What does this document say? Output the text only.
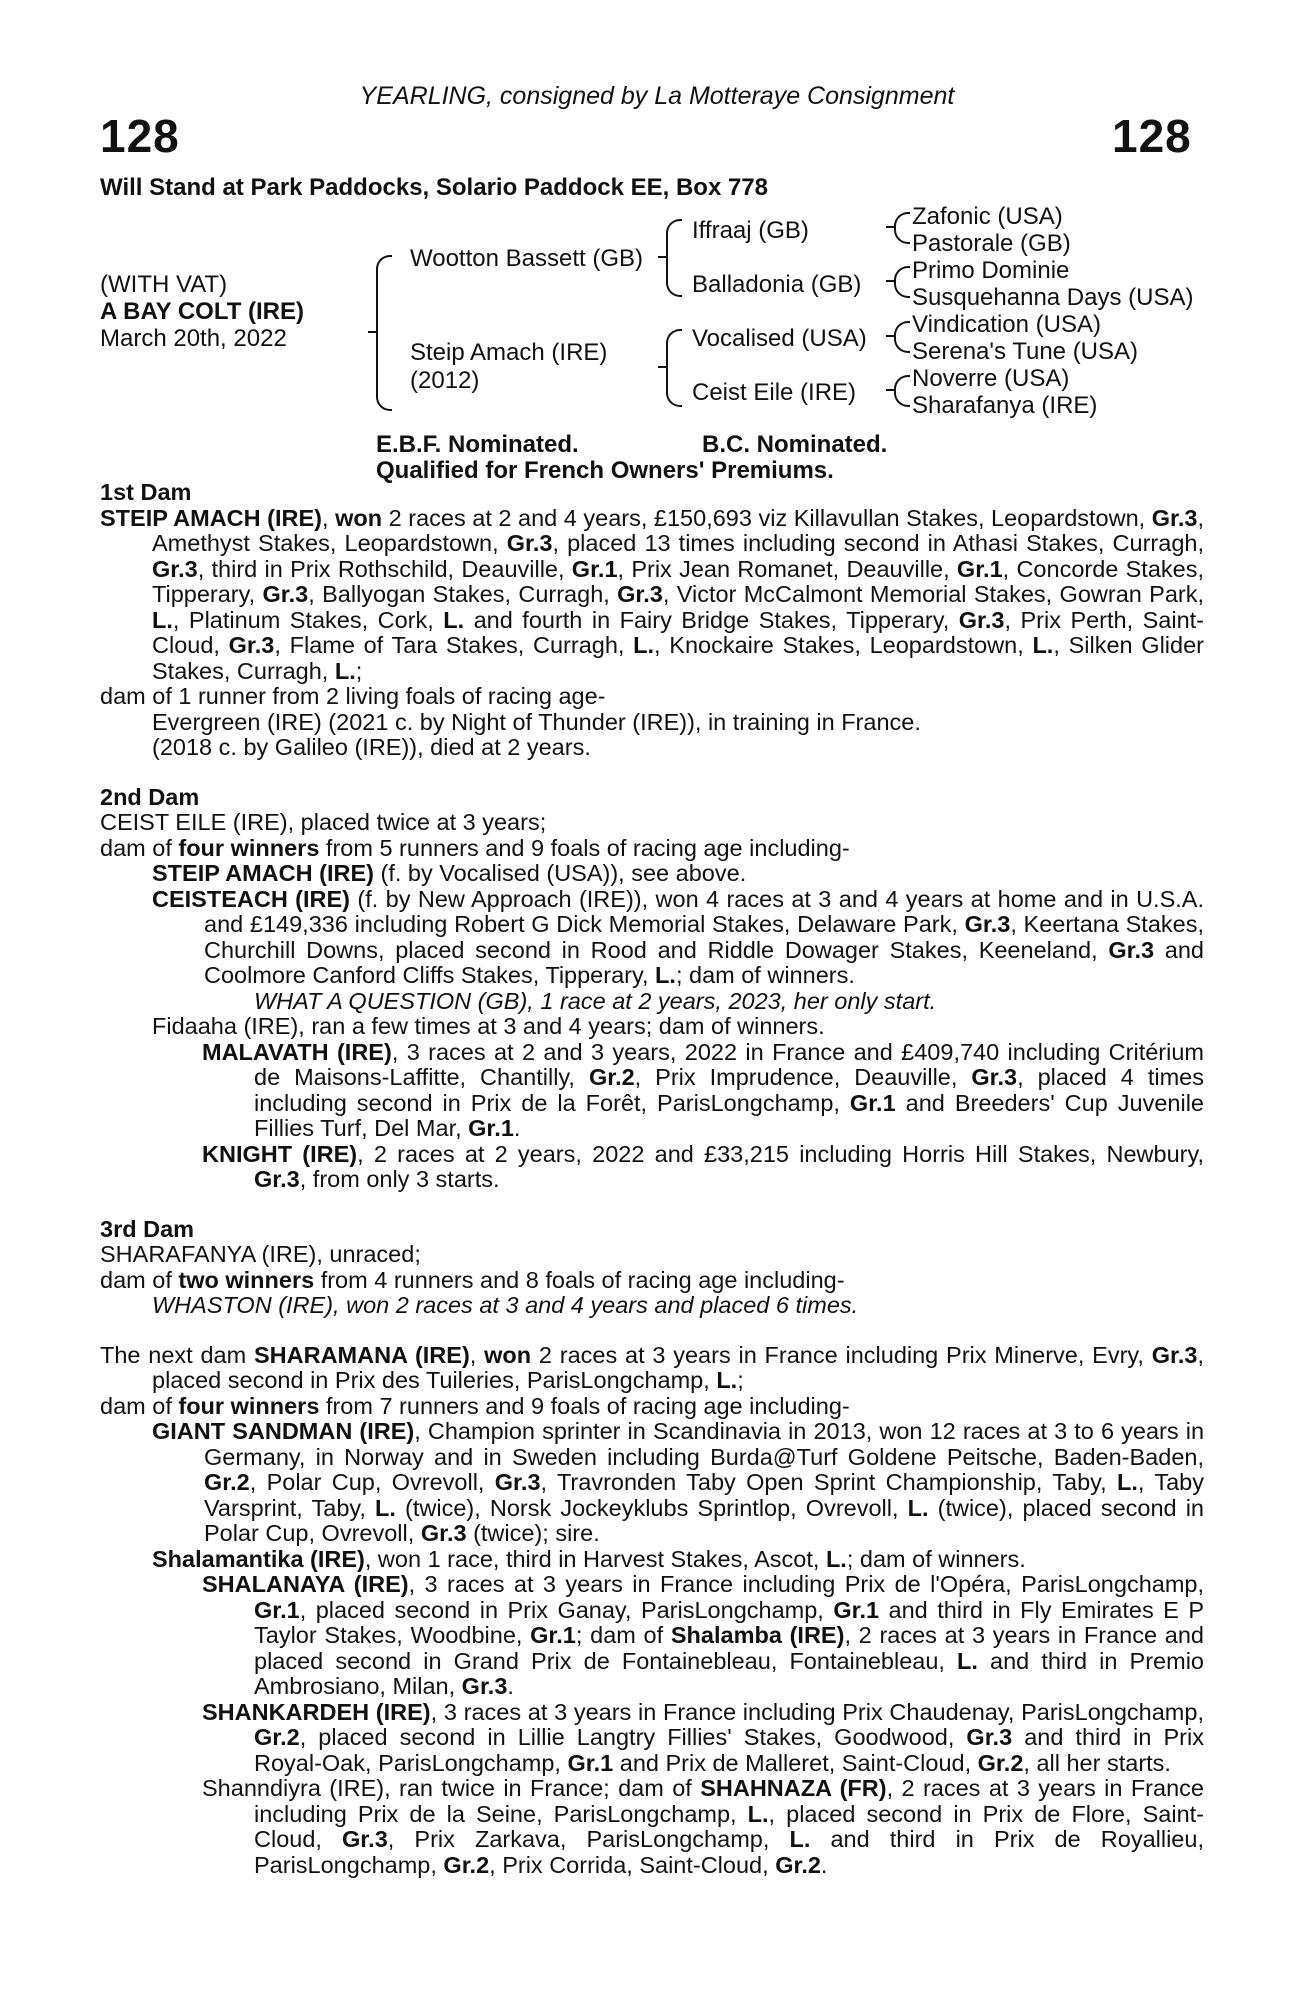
YEARLING, consigned by La Motteraye Consignment
128	128
Will Stand at Park Paddocks, Solario Paddock EE, Box 778
(WITH VAT)
A BAY COLT (IRE)
March 20th, 2022
Wootton Bassett (GB)
Steip Amach (IRE)
(2012)
Iffraaj (GB)
Balladonia (GB)
Vocalised (USA)
Ceist Eile (IRE)
Zafonic (USA)
Pastorale (GB)
Primo Dominie
Susquehanna Days (USA)
Vindication (USA)
Serena's Tune (USA)
Noverre (USA)
Sharafanya (IRE)
E.B.F. Nominated.	B.C. Nominated.
Qualified for French Owners' Premiums.
1st Dam

STEIP AMACH (IRE), won 2 races at 2 and 4 years, £150,693 viz Killavullan Stakes, Leopardstown, Gr.3, Amethyst Stakes, Leopardstown, Gr.3, placed 13 times including second in Athasi Stakes, Curragh, Gr.3, third in Prix Rothschild, Deauville, Gr.1, Prix Jean Romanet, Deauville, Gr.1, Concorde Stakes, Tipperary, Gr.3, Ballyogan Stakes, Curragh, Gr.3, Victor McCalmont Memorial Stakes, Gowran Park, L., Platinum Stakes, Cork, L. and fourth in Fairy Bridge Stakes, Tipperary, Gr.3, Prix Perth, Saint-Cloud, Gr.3, Flame of Tara Stakes, Curragh, L., Knockaire Stakes, Leopardstown, L., Silken Glider Stakes, Curragh, L.;

dam of 1 runner from 2 living foals of racing age-

Evergreen (IRE) (2021 c. by Night of Thunder (IRE)), in training in France.

(2018 c. by Galileo (IRE)), died at 2 years.

2nd Dam

CEIST EILE (IRE), placed twice at 3 years;

dam of four winners from 5 runners and 9 foals of racing age including-

STEIP AMACH (IRE) (f. by Vocalised (USA)), see above.

CEISTEACH (IRE) (f. by New Approach (IRE)), won 4 races at 3 and 4 years at home and in U.S.A. and £149,336 including Robert G Dick Memorial Stakes, Delaware Park, Gr.3, Keertana Stakes, Churchill Downs, placed second in Rood and Riddle Dowager Stakes, Keeneland, Gr.3 and Coolmore Canford Cliffs Stakes, Tipperary, L.; dam of winners.

WHAT A QUESTION (GB), 1 race at 2 years, 2023, her only start.

Fidaaha (IRE), ran a few times at 3 and 4 years; dam of winners.

MALAVATH (IRE), 3 races at 2 and 3 years, 2022 in France and £409,740 including Critérium de Maisons-Laffitte, Chantilly, Gr.2, Prix Imprudence, Deauville, Gr.3, placed 4 times including second in Prix de la Forêt, ParisLongchamp, Gr.1 and Breeders' Cup Juvenile Fillies Turf, Del Mar, Gr.1.

KNIGHT (IRE), 2 races at 2 years, 2022 and £33,215 including Horris Hill Stakes, Newbury, Gr.3, from only 3 starts.

3rd Dam

SHARAFANYA (IRE), unraced;

dam of two winners from 4 runners and 8 foals of racing age including-

WHASTON (IRE), won 2 races at 3 and 4 years and placed 6 times.

The next dam SHARAMANA (IRE), won 2 races at 3 years in France including Prix Minerve, Evry, Gr.3, placed second in Prix des Tuileries, ParisLongchamp, L.;

dam of four winners from 7 runners and 9 foals of racing age including-

GIANT SANDMAN (IRE), Champion sprinter in Scandinavia in 2013, won 12 races at 3 to 6 years in Germany, in Norway and in Sweden including Burda@Turf Goldene Peitsche, Baden-Baden, Gr.2, Polar Cup, Ovrevoll, Gr.3, Travronden Taby Open Sprint Championship, Taby, L., Taby Varsprint, Taby, L. (twice), Norsk Jockeyklubs Sprintlop, Ovrevoll, L. (twice), placed second in Polar Cup, Ovrevoll, Gr.3 (twice); sire.

Shalamantika (IRE), won 1 race, third in Harvest Stakes, Ascot, L.; dam of winners.

SHALANAYA (IRE), 3 races at 3 years in France including Prix de l'Opéra, ParisLongchamp, Gr.1, placed second in Prix Ganay, ParisLongchamp, Gr.1 and third in Fly Emirates E P Taylor Stakes, Woodbine, Gr.1; dam of Shalamba (IRE), 2 races at 3 years in France and placed second in Grand Prix de Fontainebleau, Fontainebleau, L. and third in Premio Ambrosiano, Milan, Gr.3.

SHANKARDEH (IRE), 3 races at 3 years in France including Prix Chaudenay, ParisLongchamp, Gr.2, placed second in Lillie Langtry Fillies' Stakes, Goodwood, Gr.3 and third in Prix Royal-Oak, ParisLongchamp, Gr.1 and Prix de Malleret, Saint-Cloud, Gr.2, all her starts.

Shanndiyra (IRE), ran twice in France; dam of SHAHNAZA (FR), 2 races at 3 years in France including Prix de la Seine, ParisLongchamp, L., placed second in Prix de Flore, Saint-Cloud, Gr.3, Prix Zarkava, ParisLongchamp, L. and third in Prix de Royallieu, ParisLongchamp, Gr.2, Prix Corrida, Saint-Cloud, Gr.2.
